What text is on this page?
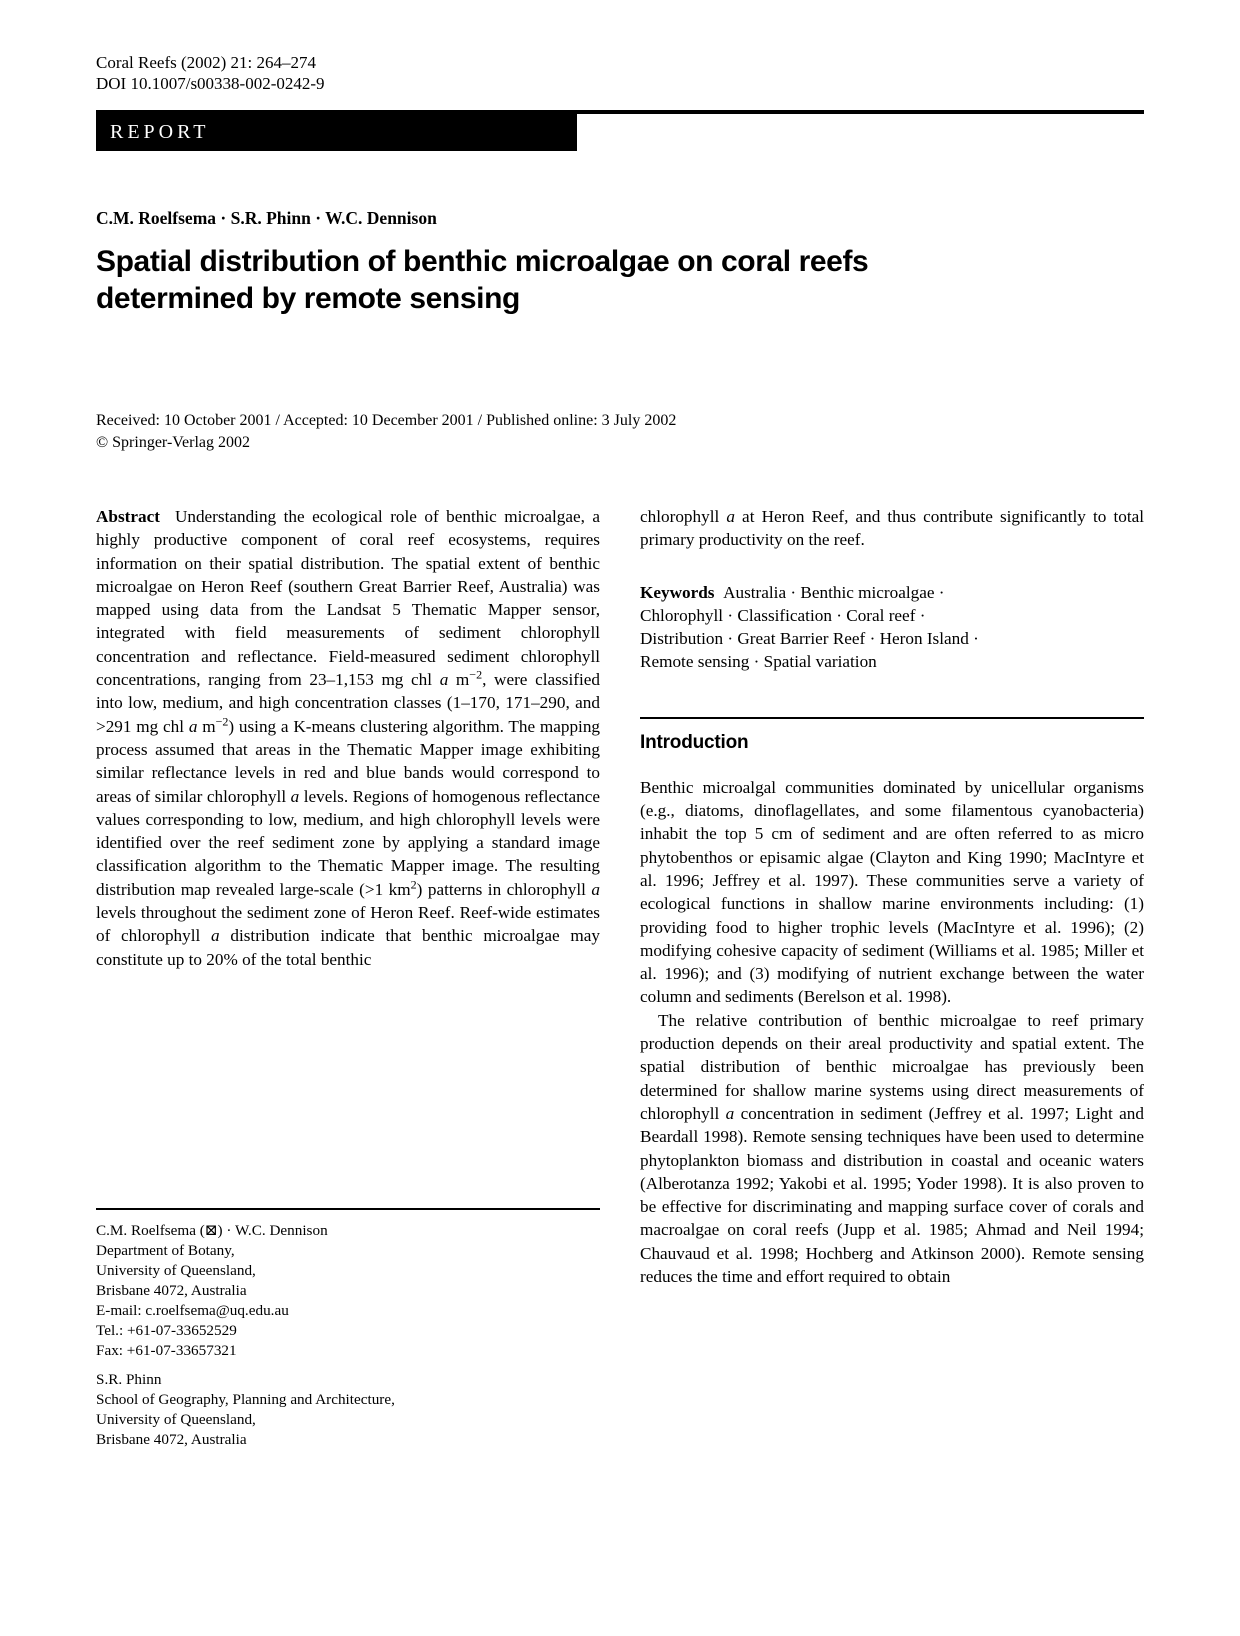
Coral Reefs (2002) 21: 264–274
DOI 10.1007/s00338-002-0242-9
REPORT
C.M. Roelfsema · S.R. Phinn · W.C. Dennison
Spatial distribution of benthic microalgae on coral reefs
determined by remote sensing
Received: 10 October 2001 / Accepted: 10 December 2001 / Published online: 3 July 2002
© Springer-Verlag 2002

Abstract Understanding the ecological role of benthic microalgae, a highly productive component of coral reef ecosystems, requires information on their spatial distribution. The spatial extent of benthic microalgae on Heron Reef (southern Great Barrier Reef, Australia) was mapped using data from the Landsat 5 Thematic Mapper sensor, integrated with field measurements of sediment chlorophyll concentration and reflectance. Field-measured sediment chlorophyll concentrations, ranging from 23–1,153 mg chl a $m^{-2}$, were classified into low, medium, and high concentration classes (1–170, 171–290, and >291 mg chl a $m^{-2}$) using a K-means clustering algorithm. The mapping process assumed that areas in the Thematic Mapper image exhibiting similar reflectance levels in red and blue bands would correspond to areas of similar chlorophyll a levels. Regions of homogenous reflectance values corresponding to low, medium, and high chlorophyll levels were identified over the reef sediment zone by applying a standard image classification algorithm to the Thematic Mapper image. The resulting distribution map revealed large-scale (>1 $km^2$) patterns in chlorophyll a levels throughout the sediment zone of Heron Reef. Reef-wide estimates of chlorophyll a distribution indicate that benthic microalgae may constitute up to 20% of the total benthic

C.M. Roelfsema (⊠) · W.C. Dennison
Department of Botany,
University of Queensland,
Brisbane 4072, Australia
E-mail: c.roelfsema@uq.edu.au
Tel.: +61-07-33652529
Fax: +61-07-33657321
S.R. Phinn
School of Geography, Planning and Architecture,
University of Queensland,
Brisbane 4072, Australia

chlorophyll a at Heron Reef, and thus contribute significantly to total primary productivity on the reef.

Keywords Australia · Benthic microalgae ·
Chlorophyll · Classification · Coral reef ·
Distribution · Great Barrier Reef · Heron Island ·
Remote sensing · Spatial variation
Introduction

Benthic microalgal communities dominated by unicellular organisms (e.g., diatoms, dinoflagellates, and some filamentous cyanobacteria) inhabit the top 5 cm of sediment and are often referred to as micro phytobenthos or episamic algae (Clayton and King 1990; MacIntyre et al. 1996; Jeffrey et al. 1997). These communities serve a variety of ecological functions in shallow marine environments including: (1) providing food to higher trophic levels (MacIntyre et al. 1996); (2) modifying cohesive capacity of sediment (Williams et al. 1985; Miller et al. 1996); and (3) modifying of nutrient exchange between the water column and sediments (Berelson et al. 1998).

The relative contribution of benthic microalgae to reef primary production depends on their areal productivity and spatial extent. The spatial distribution of benthic microalgae has previously been determined for shallow marine systems using direct measurements of chlorophyll a concentration in sediment (Jeffrey et al. 1997; Light and Beardall 1998). Remote sensing techniques have been used to determine phytoplankton biomass and distribution in coastal and oceanic waters (Alberotanza 1992; Yakobi et al. 1995; Yoder 1998). It is also proven to be effective for discriminating and mapping surface cover of corals and macroalgae on coral reefs (Jupp et al. 1985; Ahmad and Neil 1994; Chauvaud et al. 1998; Hochberg and Atkinson 2000). Remote sensing reduces the time and effort required to obtain
